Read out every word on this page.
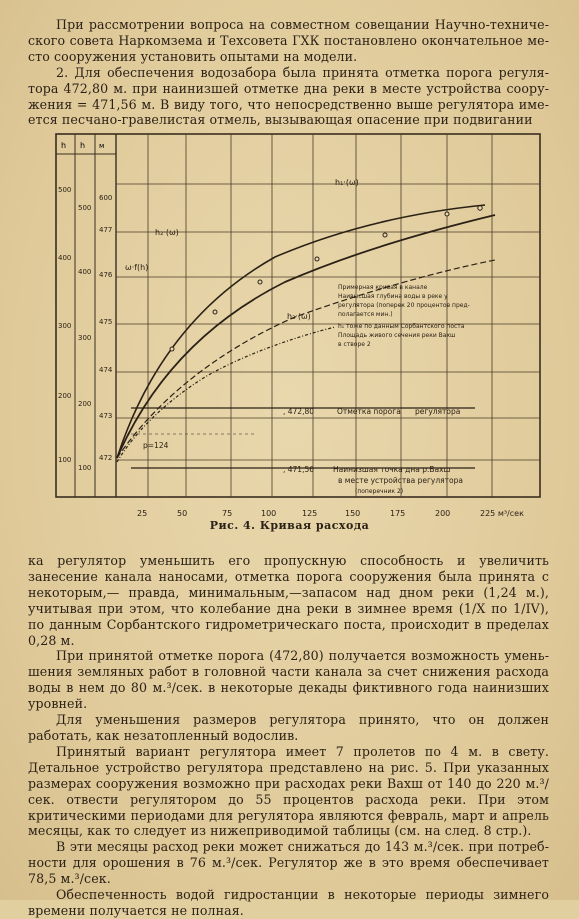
При рассмотрении вопроса на совместном совещании Научно-технического совета Наркомзема и Техсовета ГХК постановлено окончательное место сооружения установить опытами на модели.

2. Для обеспечения водозабора была принята отметка порога регулятора 472,80 м. при наинизшей отметке дна реки в месте устройства сооружения = 471,56 м. В виду того, что непосредственно выше регулятора имеется песчано-гравелистая отмель, вызывающая опасение при подвигании

h h м
500
400
300
200
100
500
400
300
200
100
600
477
476
475
474
473
472
h₁·(ω)
h₂·(ω)
h₃·(ω)
ω·f(h)
Примерная кривая в канале
Наивысшая глубина воды в реке у
регулятора (поперек 20 процентов пред-
полагается мин.)
h₁ тоже по данным Сорбантского поста
Площадь живого сечения реки Вахш
в створе 2
, 472,80	Отметка порога регулятора
р=124
, 471,56	Наинизшая точка дна р.Вахш
в месте устройства регулятора
(поперечник 2)
25	50	75	100	125	150	175	200	225 м³/сек
Рис. 4. Кривая расхода

ка регулятор уменьшить его пропускную способность и увеличить занесение канала наносами, отметка порога сооружения была принята с некоторым,— правда, минимальным,—запасом над дном реки (1,24 м.), учитывая при этом, что колебание дна реки в зимнее время (1/Х по 1/IV), по данным Сорбантского гидрометрическаго поста, происходит в пределах 0,28 м.

При принятой отметке порога (472,80) получается возможность уменьшения земляных работ в головной части канала за счет снижения расхода воды в нем до 80 м.³/сек. в некоторые декады фиктивного года наинизших уровней.

Для уменьшения размеров регулятора принято, что он должен работать, как незатопленный водослив.

Принятый вариант регулятора имеет 7 пролетов по 4 м. в свету. Детальное устройство регулятора представлено на рис. 5. При указанных размерах сооружения возможно при расходах реки Вахш от 140 до 220 м.³/сек. отвести регулятором до 55 процентов расхода реки. При этом критическими периодами для регулятора являются февраль, март и апрель месяцы, как то следует из нижеприводимой таблицы (см. на след. 8 стр.).

В эти месяцы расход реки может снижаться до 143 м.³/сек. при потребности для орошения в 76 м.³/сек. Регулятор же в это время обеспечивает 78,5 м.³/сек.

Обеспеченность водой гидростанции в некоторые периоды зимнего времени получается не полная.
